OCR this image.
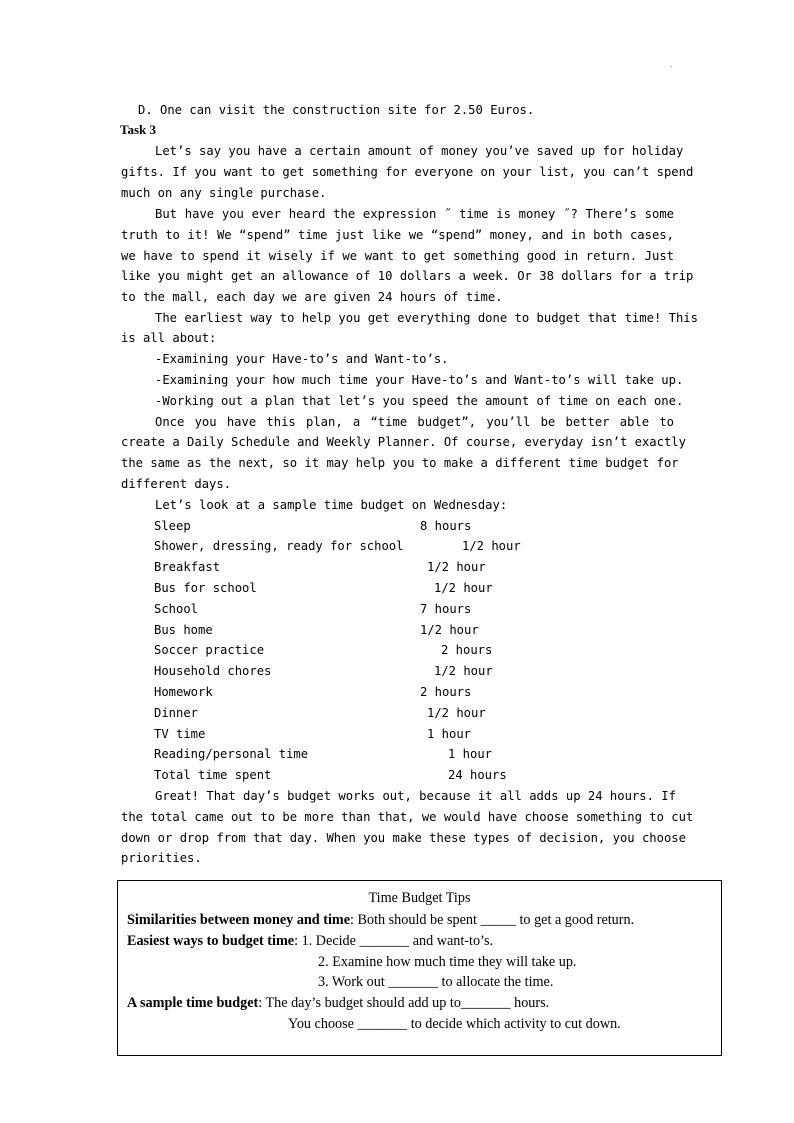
.
D. One can visit the construction site for 2.50 Euros.
Task 3
Let’s say you have a certain amount of money you’ve saved up for holiday
gifts. If you want to get something for everyone on your list, you can’t spend
much on any single purchase.
But have you ever heard the expression ˝ time is money ˝? There’s some
truth to it! We “spend” time just like we “spend” money, and in both cases,
we have to spend it wisely if we want to get something good in return. Just
like you might get an allowance of 10 dollars a week. Or 38 dollars for a trip
to the mall, each day we are given 24 hours of time.
The earliest way to help you get everything done to budget that time! This
is all about:
-Examining your Have-to’s and Want-to’s.
-Examining your how much time your Have-to’s and Want-to’s will take up.
-Working out a plan that let’s you speed the amount of time on each one.
Once you have this plan, a “time budget”, you’ll be better able to
create a Daily Schedule and Weekly Planner. Of course, everyday isn’t exactly
the same as the next, so it may help you to make a different time budget for
different days.
Let’s look at a sample time budget on Wednesday:
Sleep	8 hours
Shower, dressing, ready for school	1/2 hour
Breakfast	1/2 hour
Bus for school	1/2 hour
School	7 hours
Bus home	1/2 hour
Soccer practice	2 hours
Household chores	1/2 hour
Homework	2 hours
Dinner	1/2 hour
TV time	1 hour
Reading/personal time	1 hour
Total time spent	24 hours
Great! That day’s budget works out, because it all adds up 24 hours. If
the total came out to be more than that, we would have choose something to cut
down or drop from that day. When you make these types of decision, you choose
priorities.
Time Budget Tips
Similarities between money and time: Both should be spent _____ to get a good return.
Easiest ways to budget time: 1. Decide _______ and want-to’s.
2. Examine how much time they will take up.
3. Work out _______ to allocate the time.
A sample time budget: The day’s budget should add up to_______ hours.
You choose _______ to decide which activity to cut down.
